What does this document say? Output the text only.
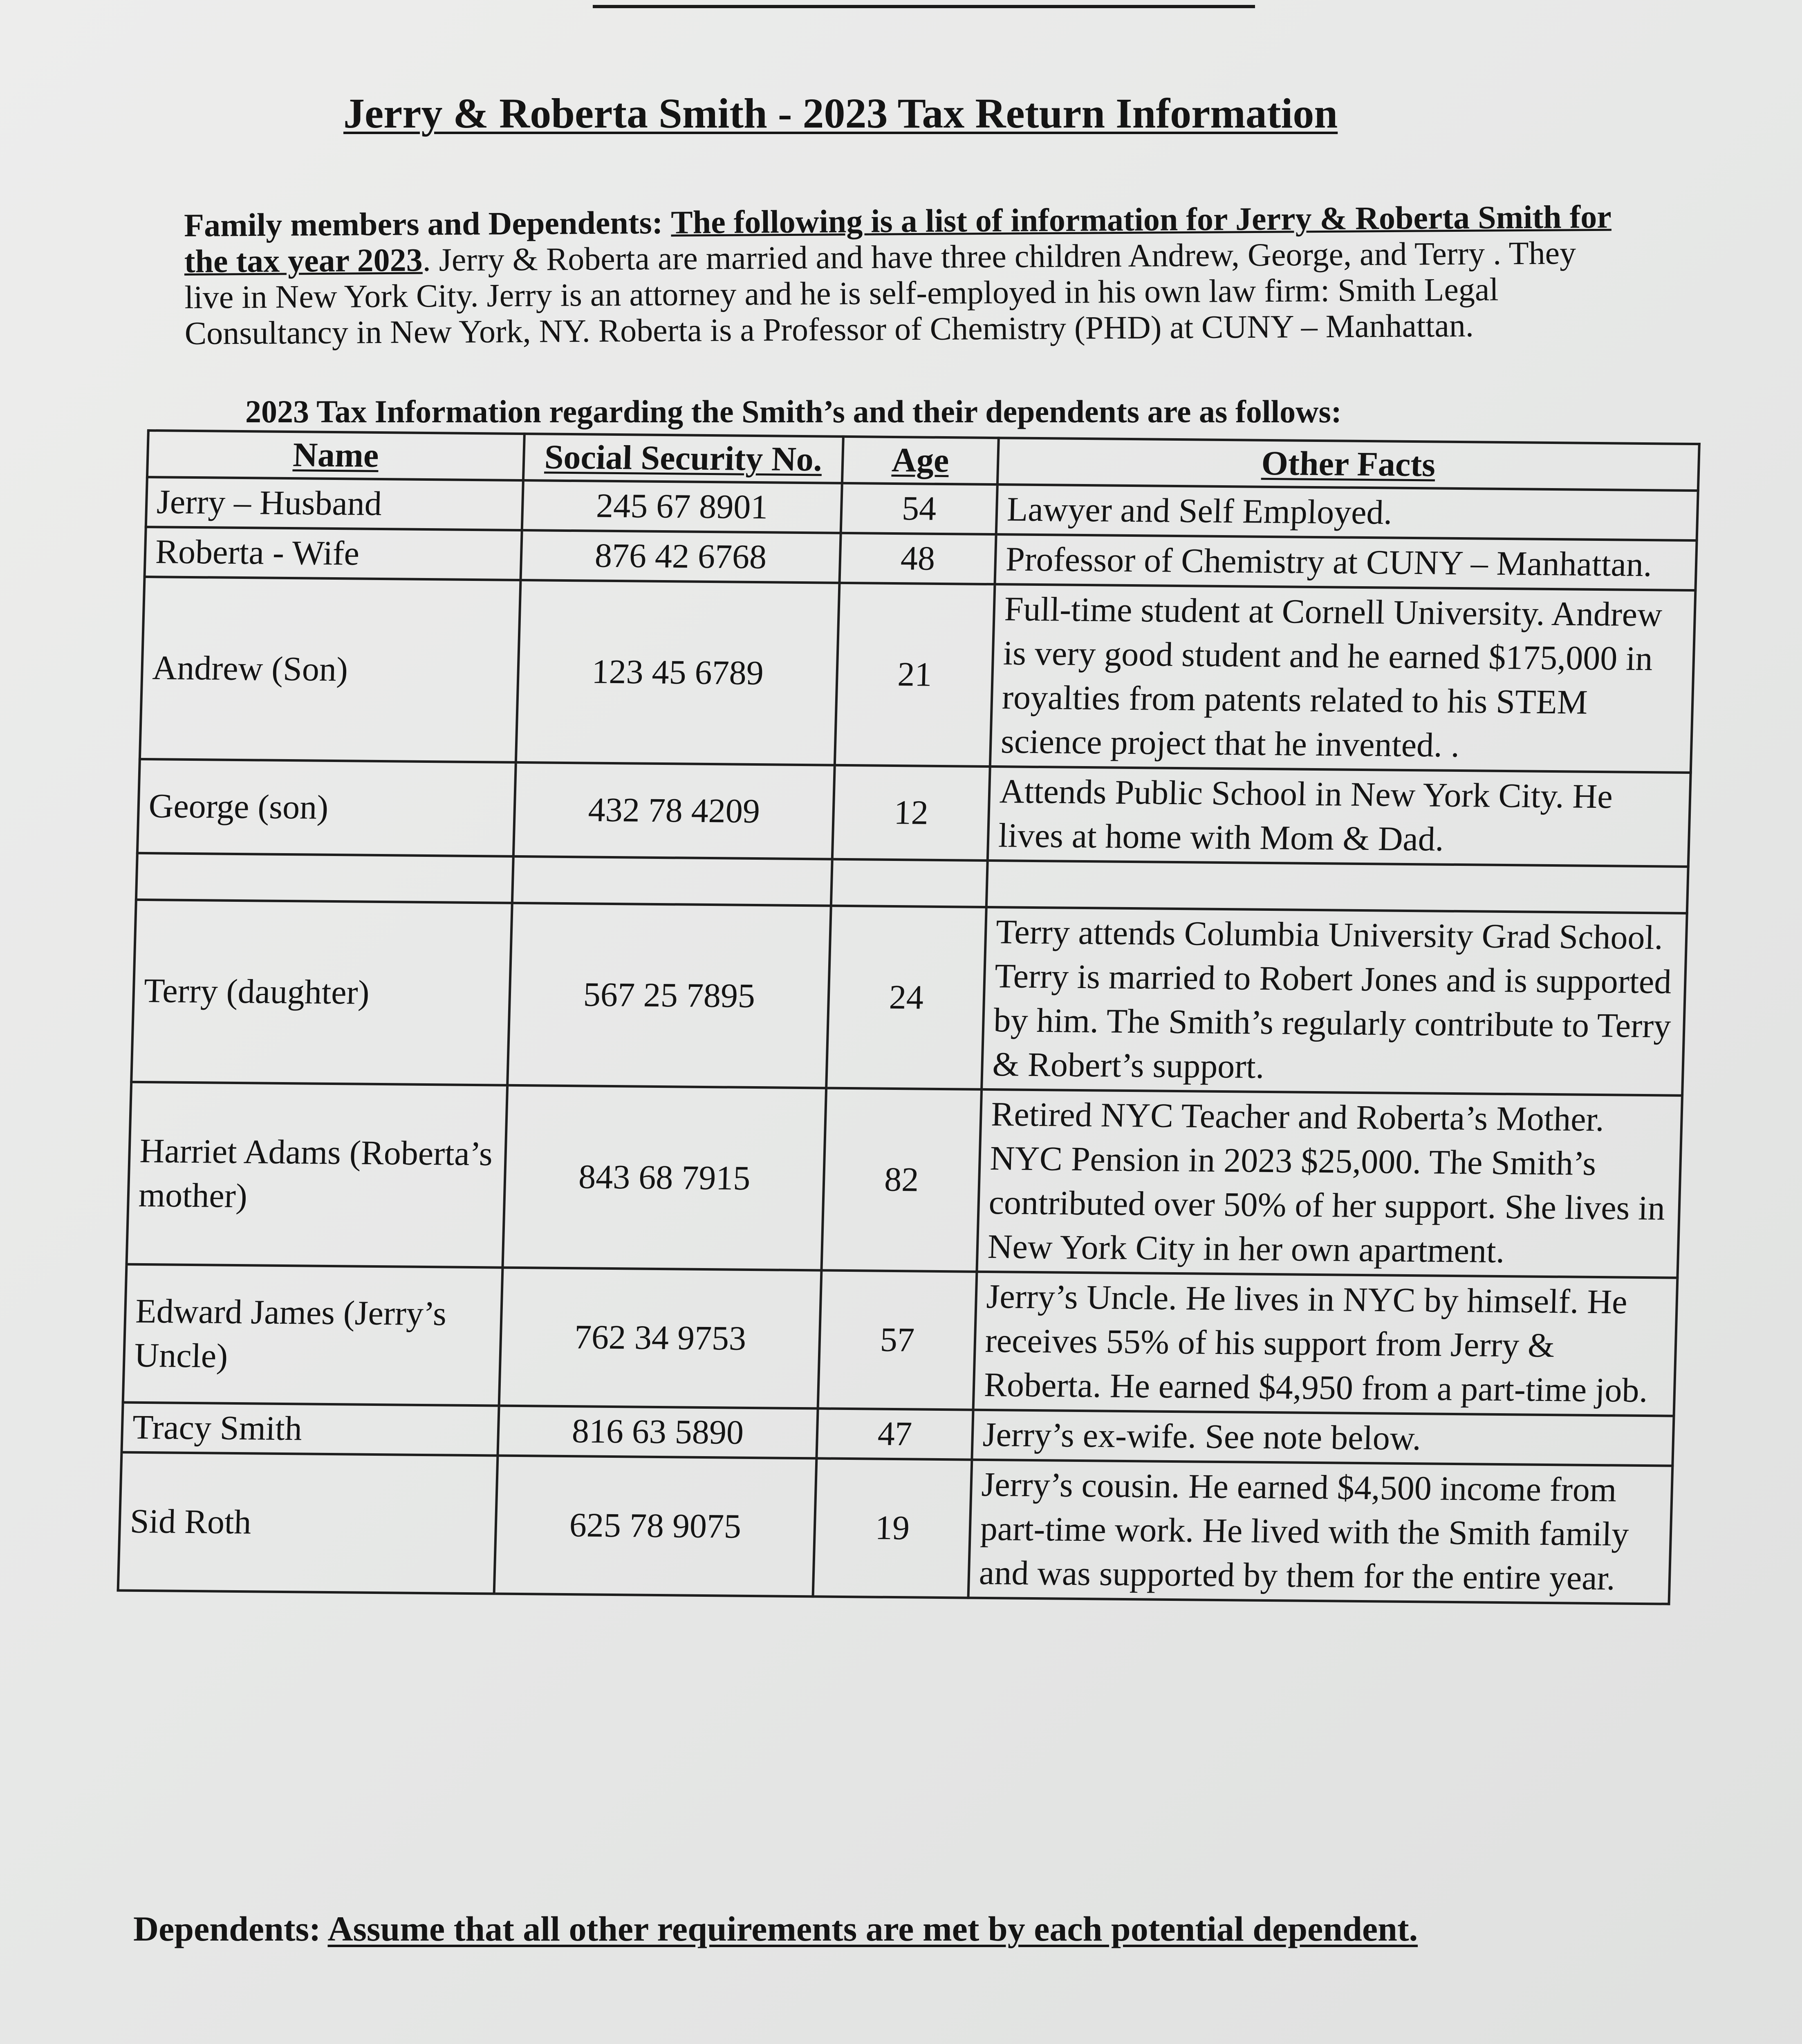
Jerry & Roberta Smith - 2023 Tax Return Information
Family members and Dependents: The following is a list of information for Jerry & Roberta Smith for the tax year 2023. Jerry & Roberta are married and have three children Andrew, George, and Terry . They live in New York City. Jerry is an attorney and he is self-employed in his own law firm: Smith Legal Consultancy in New York, NY. Roberta is a Professor of Chemistry (PHD) at CUNY – Manhattan.
2023 Tax Information regarding the Smith’s and their dependents are as follows:
Name	Social Security No.	Age	Other Facts
Jerry – Husband	245 67 8901	54	Lawyer and Self Employed.
Roberta - Wife	876 42 6768	48	Professor of Chemistry at CUNY – Manhattan.
Andrew (Son)	123 45 6789	21	Full-time student at Cornell University. Andrew is very good student and he earned $175,000 in royalties from patents related to his STEM science project that he invented. .
George (son)	432 78 4209	12	Attends Public School in New York City. He lives at home with Mom & Dad.

Terry (daughter)	567 25 7895	24	Terry attends Columbia University Grad School. Terry is married to Robert Jones and is supported by him. The Smith’s regularly contribute to Terry & Robert’s support.
Harriet Adams (Roberta’s mother)	843 68 7915	82	Retired NYC Teacher and Roberta’s Mother. NYC Pension in 2023 $25,000. The Smith’s contributed over 50% of her support. She lives in New York City in her own apartment.
Edward James (Jerry’s Uncle)	762 34 9753	57	Jerry’s Uncle. He lives in NYC by himself. He receives 55% of his support from Jerry & Roberta. He earned $4,950 from a part-time job.
Tracy Smith	816 63 5890	47	Jerry’s ex-wife. See note below.
Sid Roth	625 78 9075	19	Jerry’s cousin. He earned $4,500 income from part-time work. He lived with the Smith family and was supported by them for the entire year.
Dependents: Assume that all other requirements are met by each potential dependent.
